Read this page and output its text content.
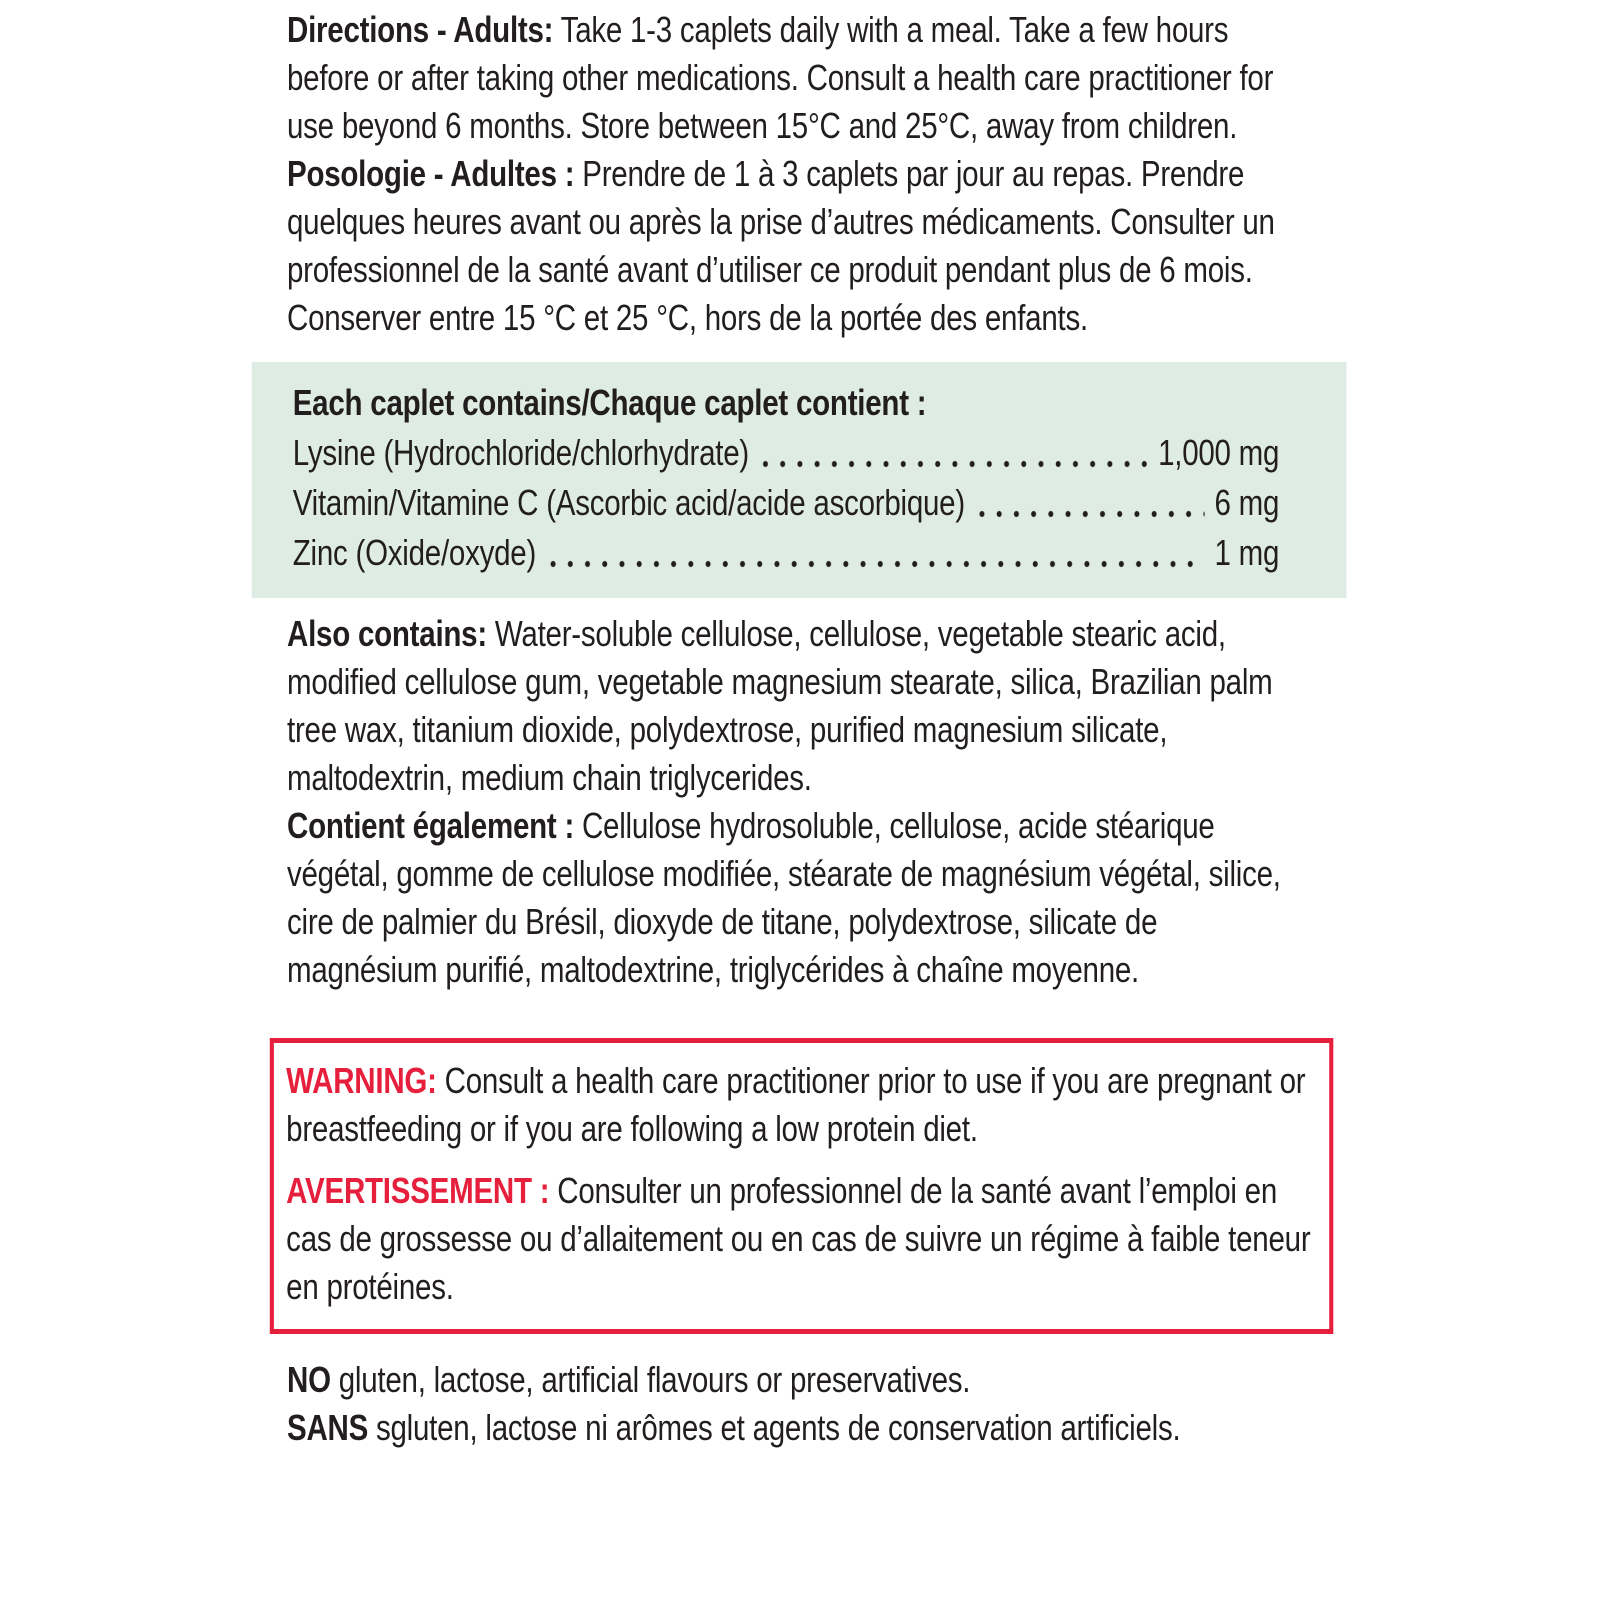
Directions - Adults: Take 1-3 caplets daily with a meal. Take a few hours before or after taking other medications. Consult a health care practitioner for use beyond 6 months. Store between 15°C and 25°C, away from children.

Posologie - Adultes : Prendre de 1 à 3 caplets par jour au repas. Prendre quelques heures avant ou après la prise d’autres médicaments. Consulter un professionnel de la santé avant d’utiliser ce produit pendant plus de 6 mois. Conserver entre 15 °C et 25 °C, hors de la portée des enfants.

Each caplet contains/Chaque caplet contient :
Lysine (Hydrochloride/chlorhydrate)	1,000 mg
Vitamin/Vitamine C (Ascorbic acid/acide ascorbique)	6 mg
Zinc (Oxide/oxyde)	1 mg

Also contains: Water-soluble cellulose, cellulose, vegetable stearic acid, modified cellulose gum, vegetable magnesium stearate, silica, Brazilian palm tree wax, titanium dioxide, polydextrose, purified magnesium silicate, maltodextrin, medium chain triglycerides.

Contient également : Cellulose hydrosoluble, cellulose, acide stéarique végétal, gomme de cellulose modifiée, stéarate de magnésium végétal, silice, cire de palmier du Brésil, dioxyde de titane, polydextrose, silicate de magnésium purifié, maltodextrine, triglycérides à chaîne moyenne.

WARNING: Consult a health care practitioner prior to use if you are pregnant or breastfeeding or if you are following a low protein diet.

AVERTISSEMENT : Consulter un professionnel de la santé avant l’emploi en cas de grossesse ou d’allaitement ou en cas de suivre un régime à faible teneur en protéines.

NO gluten, lactose, artificial flavours or preservatives.

SANS sgluten, lactose ni arômes et agents de conservation artificiels.
